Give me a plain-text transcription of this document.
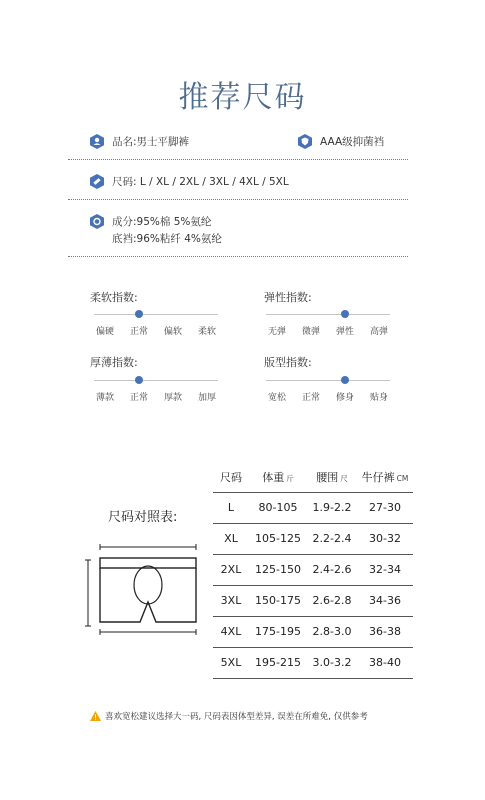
推荐尺码
品名:男士平脚裤	AAA级抑菌裆
尺码: L / XL / 2XL / 3XL / 4XL / 5XL
成分:95%棉 5%氨纶
底裆:96%粘纤 4%氨纶
柔软指数:
偏硬	正常	偏软	柔软
弹性指数:
无弹	微弹	弹性	高弹
厚薄指数:
薄款	正常	厚款	加厚
版型指数:
宽松	正常	修身	贴身
尺码对照表:
尺码	体重 斤	腰围 尺	牛仔裤 CM
L	80-105	1.9-2.2	27-30
XL	105-125	2.2-2.4	30-32
2XL	125-150	2.4-2.6	32-34
3XL	150-175	2.6-2.8	34-36
4XL	175-195	2.8-3.0	36-38
5XL	195-215	3.0-3.2	38-40
喜欢宽松建议选择大一码, 尺码表因体型差异, 误差在所难免, 仅供参考
